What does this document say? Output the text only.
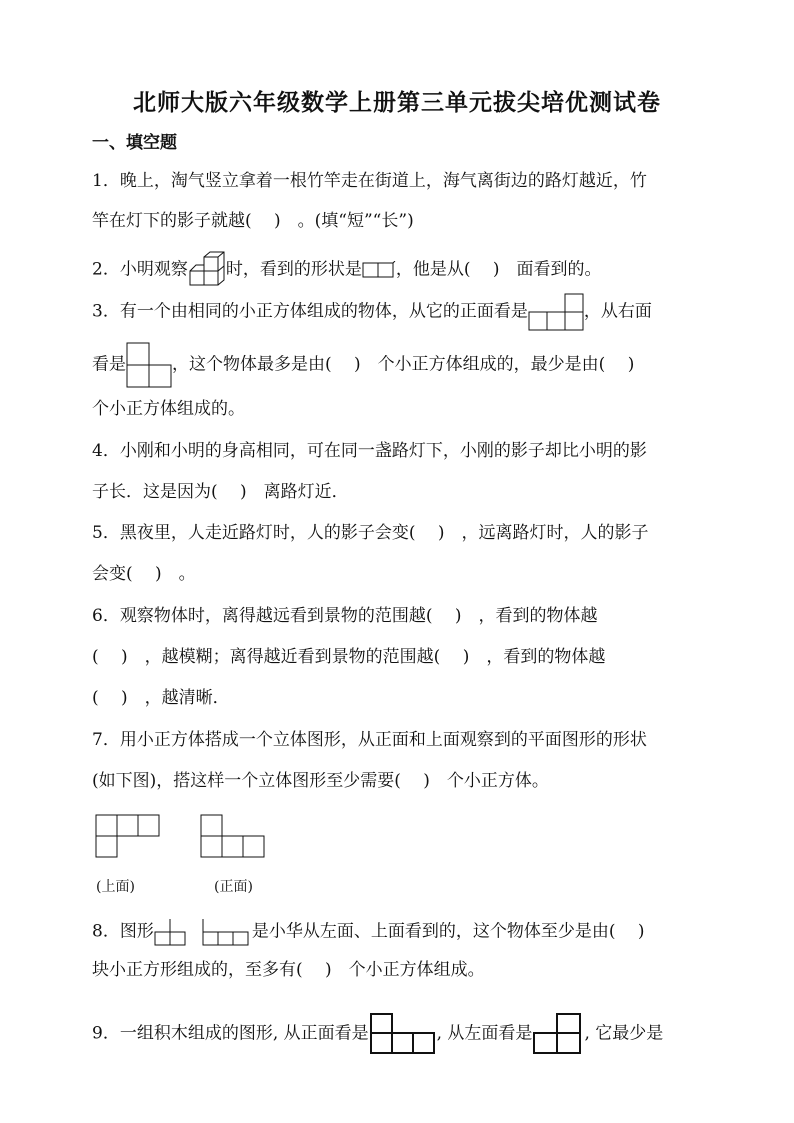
北师大版六年级数学上册第三单元拔尖培优测试卷
一、填空题
1．晚上，淘气竖立拿着一根竹竿走在街道上，海气离街边的路灯越近，竹
竿在灯下的影子就越(　 )　。(填“短”“长”)
2．小明观察 时，看到的形状是 ，他是从(　 )　面看到的。
3．有一个由相同的小正方体组成的物体，从它的正面看是	，从右面
看是	，这个物体最多是由(　 )　个小正方体组成的，最少是由(　 )
个小正方体组成的。
4．小刚和小明的身高相同，可在同一盏路灯下，小刚的影子却比小明的影
子长．这是因为(　 )　离路灯近．
5．黑夜里，人走近路灯时，人的影子会变(　 )　，远离路灯时，人的影子
会变(　 )　。
6．观察物体时，离得越远看到景物的范围越(　 )　，看到的物体越
(　 )　，越模糊；离得越近看到景物的范围越(　 )　，看到的物体越
(　 )　，越清晰．
7．用小正方体搭成一个立体图形，从正面和上面观察到的平面图形的形状
(如下图)，搭这样一个立体图形至少需要(　 )　个小正方体。
(上面)	(正面)
8．图形	是小华从左面、上面看到的，这个物体至少是由(　 )
块小正方形组成的，至多有(　 )　个小正方体组成。
9．一组积木组成的图形, 从正面看是	, 从左面看是	, 它最少是
